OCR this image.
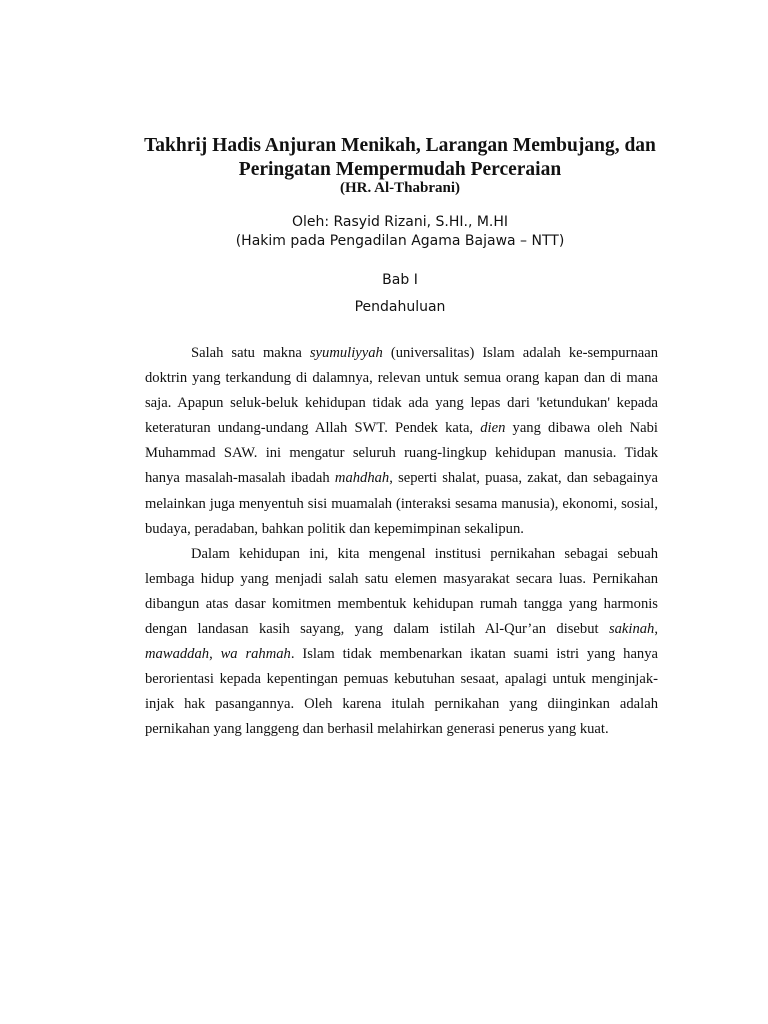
Takhrij Hadis Anjuran Menikah, Larangan Membujang, dan
Peringatan Mempermudah Perceraian
(HR. Al-Thabrani)
Oleh: Rasyid Rizani, S.HI., M.HI
(Hakim pada Pengadilan Agama Bajawa – NTT)
Bab I
Pendahuluan

Salah satu makna syumuliyyah (universalitas) Islam adalah ke-sempurnaan doktrin yang terkandung di dalamnya, relevan untuk semua orang kapan dan di mana saja. Apapun seluk-beluk kehidupan tidak ada yang lepas dari 'ketundukan' kepada keteraturan undang-undang Allah SWT. Pendek kata, dien yang dibawa oleh Nabi Muhammad SAW. ini mengatur seluruh ruang-lingkup kehidupan manusia. Tidak hanya masalah-masalah ibadah mahdhah, seperti shalat, puasa, zakat, dan sebagainya melainkan juga menyentuh sisi muamalah (interaksi sesama manusia), ekonomi, sosial, budaya, peradaban, bahkan politik dan kepemimpinan sekalipun.

Dalam kehidupan ini, kita mengenal institusi pernikahan sebagai sebuah lembaga hidup yang menjadi salah satu elemen masyarakat secara luas. Pernikahan dibangun atas dasar komitmen membentuk kehidupan rumah tangga yang harmonis dengan landasan kasih sayang, yang dalam istilah Al-Qur’an disebut sakinah, mawaddah, wa rahmah. Islam tidak membenarkan ikatan suami istri yang hanya berorientasi kepada kepentingan pemuas kebutuhan sesaat, apalagi untuk menginjak-injak hak pasangannya. Oleh karena itulah pernikahan yang diinginkan adalah pernikahan yang langgeng dan berhasil melahirkan generasi penerus yang kuat.
